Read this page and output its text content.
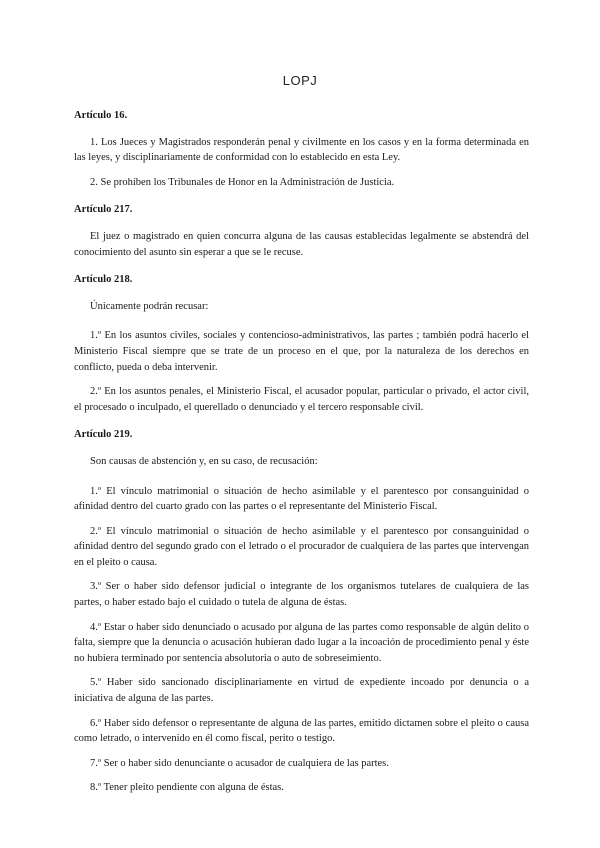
LOPJ
Artículo 16.

1. Los Jueces y Magistrados responderán penal y civilmente en los casos y en la forma determinada en las leyes, y disciplinariamente de conformidad con lo establecido en esta Ley.

2. Se prohíben los Tribunales de Honor en la Administración de Justicia.

Artículo 217.

El juez o magistrado en quien concurra alguna de las causas establecidas legalmente se abstendrá del conocimiento del asunto sin esperar a que se le recuse.

Artículo 218.

Únicamente podrán recusar:

1.º En los asuntos civiles, sociales y contencioso-administrativos, las partes ; también podrá hacerlo el Ministerio Fiscal siempre que se trate de un proceso en el que, por la naturaleza de los derechos en conflicto, pueda o deba intervenir.

2.º En los asuntos penales, el Ministerio Fiscal, el acusador popular, particular o privado, el actor civil, el procesado o inculpado, el querellado o denunciado y el tercero responsable civil.

Artículo 219.

Son causas de abstención y, en su caso, de recusación:

1.º El vínculo matrimonial o situación de hecho asimilable y el parentesco por consanguinidad o afinidad dentro del cuarto grado con las partes o el representante del Ministerio Fiscal.

2.º El vínculo matrimonial o situación de hecho asimilable y el parentesco por consanguinidad o afinidad dentro del segundo grado con el letrado o el procurador de cualquiera de las partes que intervengan en el pleito o causa.

3.º Ser o haber sido defensor judicial o integrante de los organismos tutelares de cualquiera de las partes, o haber estado bajo el cuidado o tutela de alguna de éstas.

4.º Estar o haber sido denunciado o acusado por alguna de las partes como responsable de algún delito o falta, siempre que la denuncia o acusación hubieran dado lugar a la incoación de procedimiento penal y éste no hubiera terminado por sentencia absolutoria o auto de sobreseimiento.

5.º Haber sido sancionado disciplinariamente en virtud de expediente incoado por denuncia o a iniciativa de alguna de las partes.

6.º Haber sido defensor o representante de alguna de las partes, emitido dictamen sobre el pleito o causa como letrado, o intervenido en él como fiscal, perito o testigo.

7.º Ser o haber sido denunciante o acusador de cualquiera de las partes.

8.º Tener pleito pendiente con alguna de éstas.
